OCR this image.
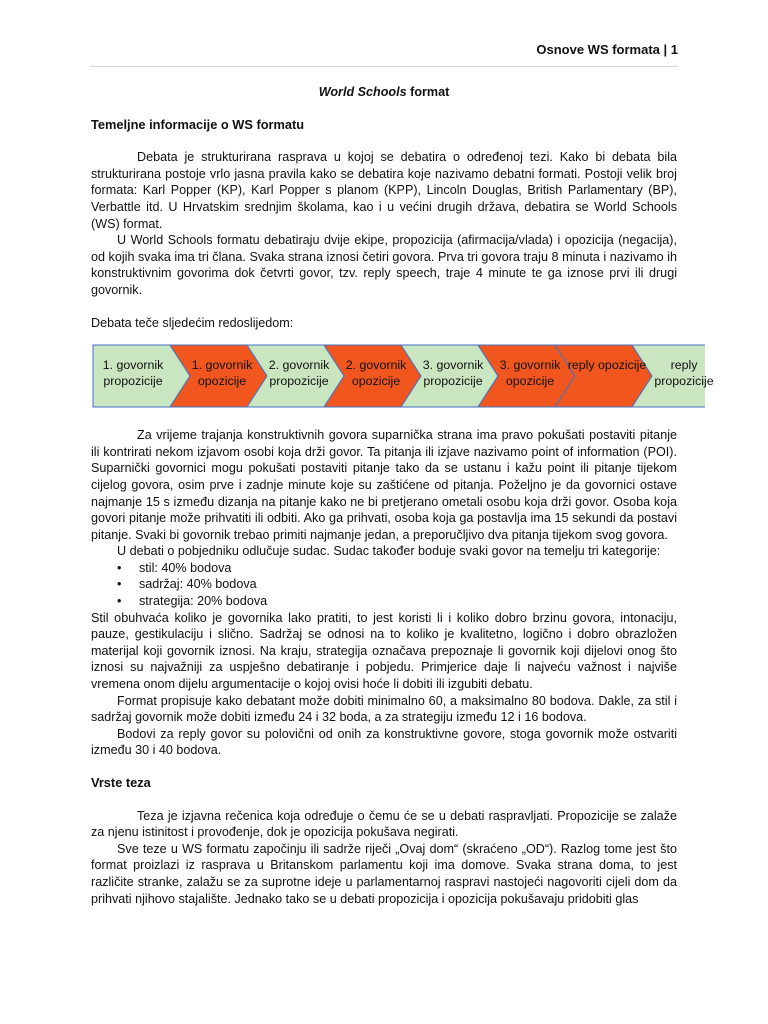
Osnove WS formata | 1
World Schools format
Temeljne informacije o WS formatu

Debata je strukturirana rasprava u kojoj se debatira o određenoj tezi. Kako bi debata bila strukturirana postoje vrlo jasna pravila kako se debatira koje nazivamo debatni formati. Postoji velik broj formata: Karl Popper (KP), Karl Popper s planom (KPP), Lincoln Douglas, British Parlamentary (BP), Verbattle itd. U Hrvatskim srednjim školama, kao i u većini drugih država, debatira se World Schools (WS) format.

U World Schools formatu debatiraju dvije ekipe, propozicija (afirmacija/vlada) i opozicija (negacija), od kojih svaka ima tri člana. Svaka strana iznosi četiri govora. Prva tri govora traju 8 minuta i nazivamo ih konstruktivnim govorima dok četvrti govor, tzv. reply speech, traje 4 minute te ga iznose prvi ili drugi govornik.

Debata teče sljedećim redoslijedom:

1. govornik propozicije
1. govornik opozicije
2. govornik propozicije
2. govornik opozicije
3. govornik propozicije
3. govornik opozicije
reply opozicije	reply propozicije

Za vrijeme trajanja konstruktivnih govora suparnička strana ima pravo pokušati postaviti pitanje ili kontrirati nekom izjavom osobi koja drži govor. Ta pitanja ili izjave nazivamo point of information (POI). Suparnički govornici mogu pokušati postaviti pitanje tako da se ustanu i kažu point ili pitanje tijekom cijelog govora, osim prve i zadnje minute koje su zaštićene od pitanja. Poželjno je da govornici ostave najmanje 15 s između dizanja na pitanje kako ne bi pretjerano ometali osobu koja drži govor. Osoba koja govori pitanje može prihvatiti ili odbiti. Ako ga prihvati, osoba koja ga postavlja ima 15 sekundi da postavi pitanje. Svaki bi govornik trebao primiti najmanje jedan, a preporučljivo dva pitanja tijekom svog govora.

U debati o pobjedniku odlučuje sudac. Sudac također boduje svaki govor na temelju tri kategorije:

• stil: 40% bodova
• sadržaj: 40% bodova
• strategija: 20% bodova

Stil obuhvaća koliko je govornika lako pratiti, to jest koristi li i koliko dobro brzinu govora, intonaciju, pauze, gestikulaciju i slično. Sadržaj se odnosi na to koliko je kvalitetno, logično i dobro obrazložen materijal koji govornik iznosi. Na kraju, strategija označava prepoznaje li govornik koji dijelovi onog što iznosi su najvažniji za uspješno debatiranje i pobjedu. Primjerice daje li najveću važnost i najviše vremena onom dijelu argumentacije o kojoj ovisi hoće li dobiti ili izgubiti debatu.

Format propisuje kako debatant može dobiti minimalno 60, a maksimalno 80 bodova. Dakle, za stil i sadržaj govornik može dobiti između 24 i 32 boda, a za strategiju između 12 i 16 bodova.

Bodovi za reply govor su polovični od onih za konstruktivne govore, stoga govornik može ostvariti između 30 i 40 bodova.

Vrste teza

Teza je izjavna rečenica koja određuje o čemu će se u debati raspravljati. Propozicije se zalaže za njenu istinitost i provođenje, dok je opozicija pokušava negirati.

Sve teze u WS formatu započinju ili sadrže riječi „Ovaj dom“ (skraćeno „OD“). Razlog tome jest što format proizlazi iz rasprava u Britanskom parlamentu koji ima domove. Svaka strana doma, to jest različite stranke, zalažu se za suprotne ideje u parlamentarnoj raspravi nastojeći nagovoriti cijeli dom da prihvati njihovo stajalište. Jednako tako se u debati propozicija i opozicija pokušavaju pridobiti glas
